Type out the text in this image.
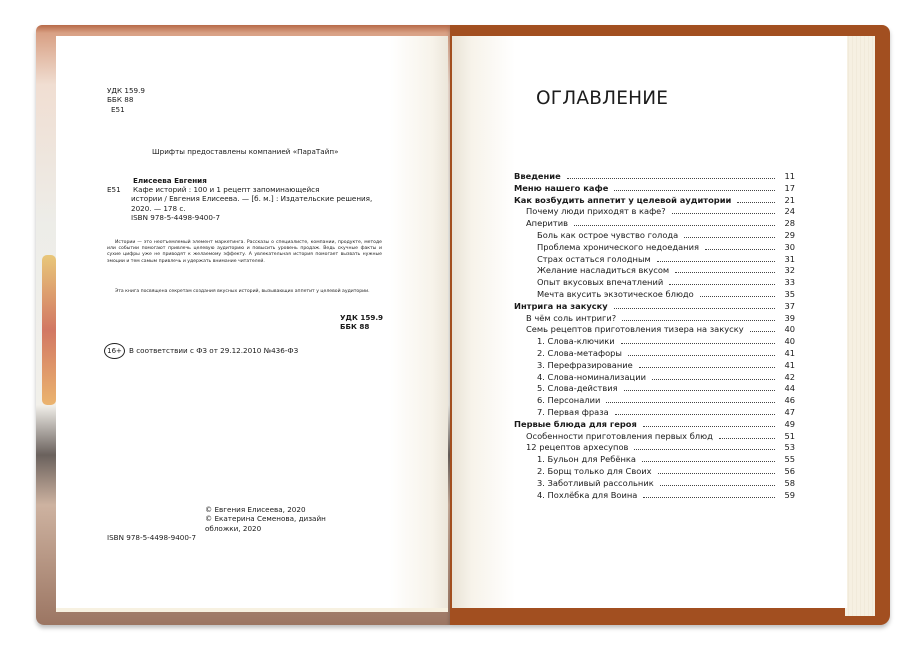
УДК 159.9
ББК 88
Е51
Шрифты предоставлены компанией «ПараТайп»
Елисеева Евгения
Е51 Кафе историй : 100 и 1 рецепт запоминающейся
истории / Евгения Елисеева. — [б. м.] : Издательские решения,
2020. — 178 с.
ISBN 978-5-4498-9400-7
Истории — это неотъемлемый элемент маркетинга. Рассказы о специалисте, компании, продукте, методе или событии помогают привлечь целевую аудиторию и повысить уровень продаж. Ведь скучные факты и сухие цифры уже не приводят к желаемому эффекту. А увлекательная история помогает вызвать нужные эмоции и тем самым привлечь и удержать внимание читателей.
Эта книга посвящена секретам создания вкусных историй, вызывающих аппетит у целевой аудитории.
УДК 159.9
ББК 88
16+ В соответствии с ФЗ от 29.12.2010 №436-ФЗ
© Евгения Елисеева, 2020
© Екатерина Семенова, дизайн
обложки, 2020
ISBN 978-5-4498-9400-7
ОГЛАВЛЕНИЕ
Введение	11
Меню нашего кафе	17
Как возбудить аппетит у целевой аудитории	21
Почему люди приходят в кафе?	24
Аперитив	28
Боль как острое чувство голода	29
Проблема хронического недоедания	30
Страх остаться голодным	31
Желание насладиться вкусом	32
Опыт вкусовых впечатлений	33
Мечта вкусить экзотическое блюдо	35
Интрига на закуску	37
В чём соль интриги?	39
Семь рецептов приготовления тизера на закуску	40
1. Слова-ключики	40
2. Слова-метафоры	41
3. Перефразирование	41
4. Слова-номинализации	42
5. Слова-действия	44
6. Персоналии	46
7. Первая фраза	47
Первые блюда для героя	49
Особенности приготовления первых блюд	51
12 рецептов архесупов	53
1. Бульон для Ребёнка	55
2. Борщ только для Своих	56
3. Заботливый рассольник	58
4. Похлёбка для Воина	59
